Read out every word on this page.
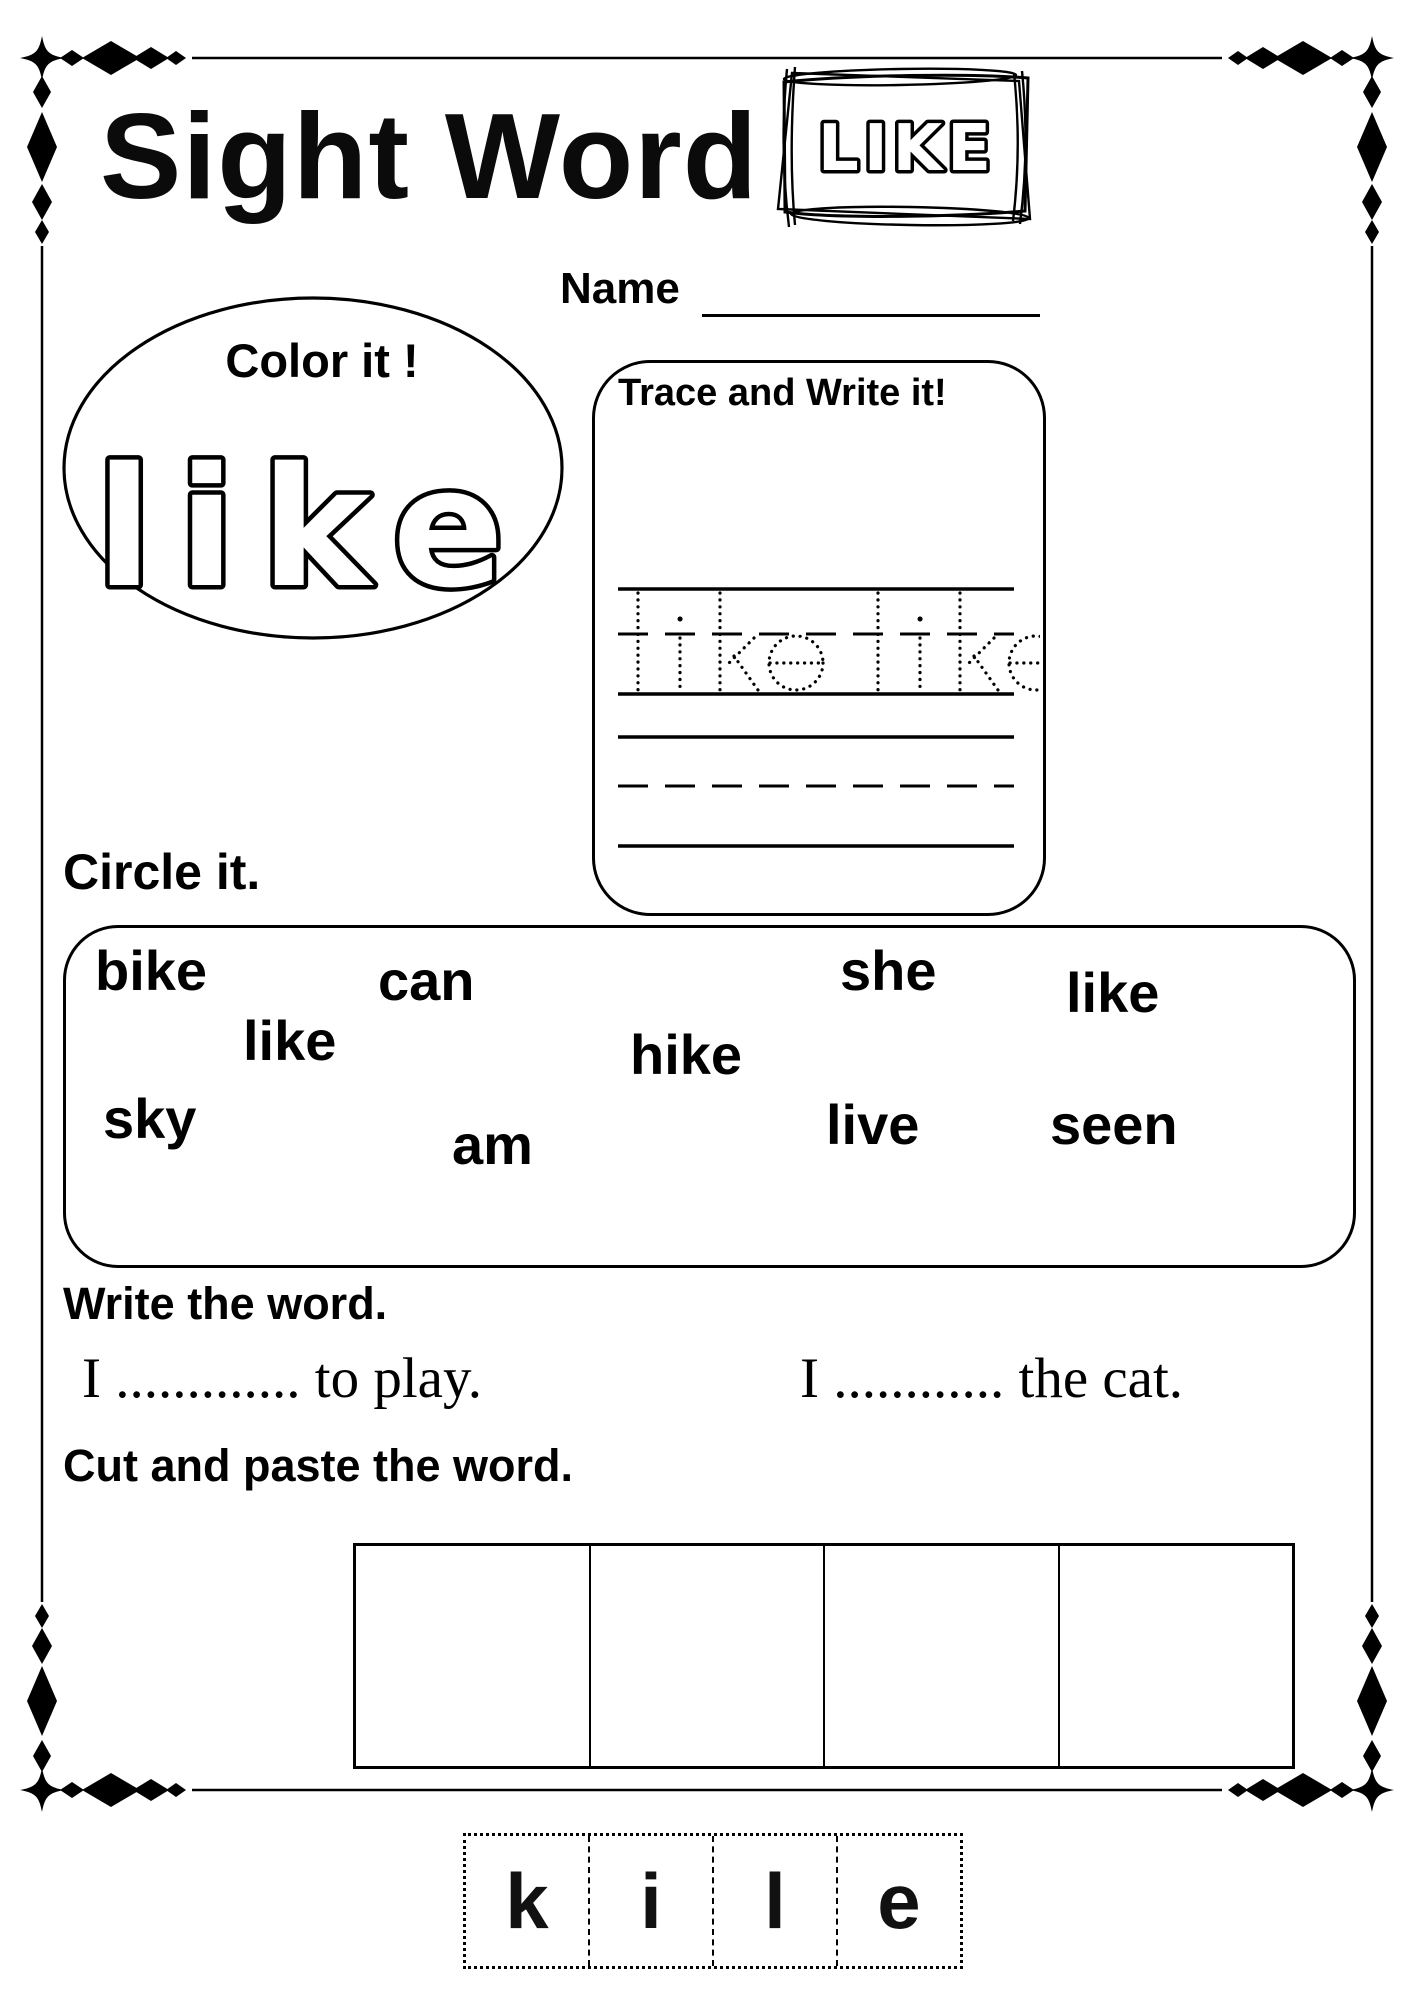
Sight Word LIKE
Name
Color it !
like
Trace and Write it!
Circle it.
bike	can	she like
like	hike
sky	am	live seen
Write the word.
I ............. to play.	I ............ the cat.
Cut and paste the word.
k	i	l	e
